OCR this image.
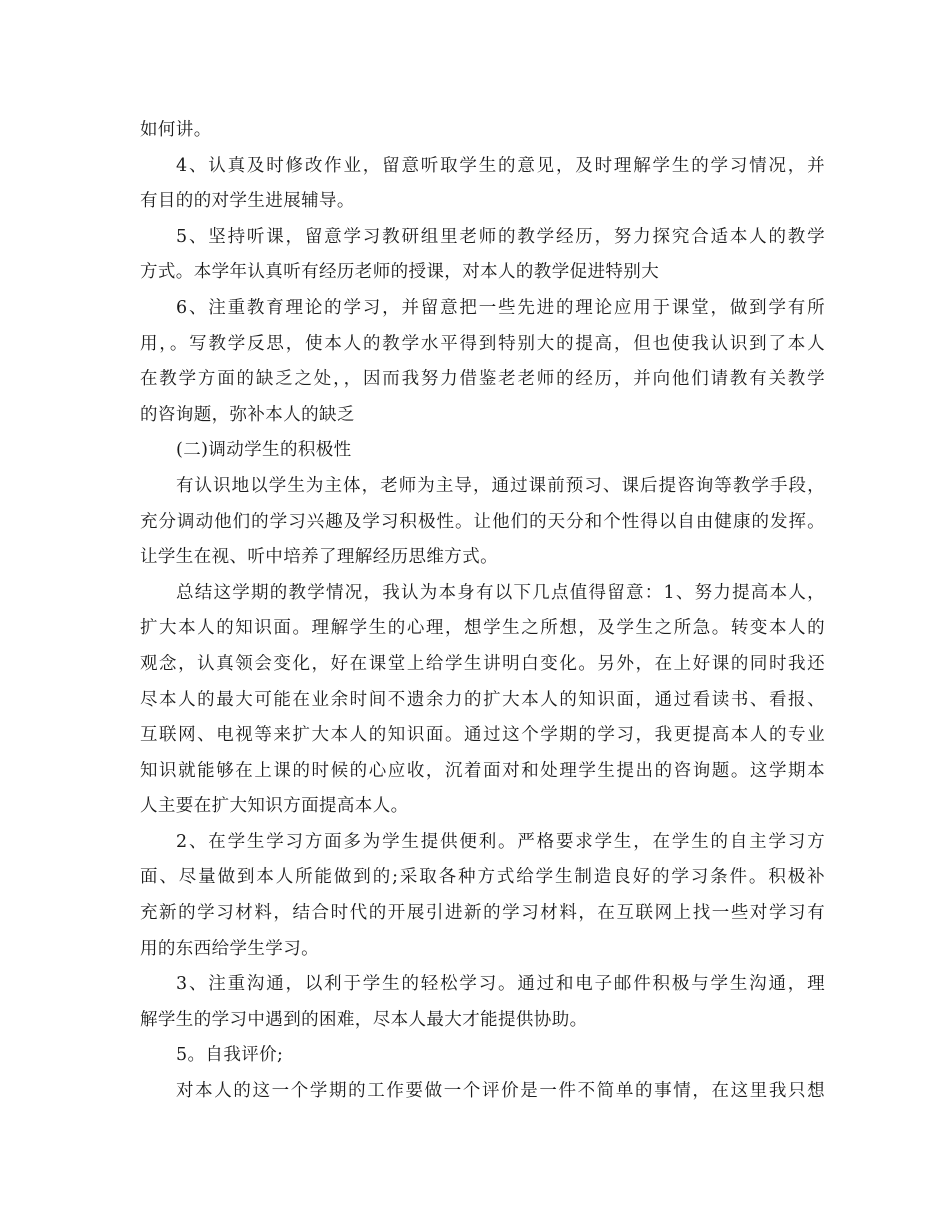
如何讲。
4、认真及时修改作业，留意听取学生的意见，及时理解学生的学习情况，并
有目的的对学生进展辅导。
5、坚持听课，留意学习教研组里老师的教学经历，努力探究合适本人的教学
方式。本学年认真听有经历老师的授课，对本人的教学促进特别大
6、注重教育理论的学习，并留意把一些先进的理论应用于课堂，做到学有所
用，。写教学反思，使本人的教学水平得到特别大的提高，但也使我认识到了本人
在教学方面的缺乏之处，，因而我努力借鉴老老师的经历，并向他们请教有关教学
的咨询题，弥补本人的缺乏
(二)调动学生的积极性
有认识地以学生为主体，老师为主导，通过课前预习、课后提咨询等教学手段，
充分调动他们的学习兴趣及学习积极性。让他们的天分和个性得以自由健康的发挥。
让学生在视、听中培养了理解经历思维方式。
总结这学期的教学情况，我认为本身有以下几点值得留意：1、努力提高本人，
扩大本人的知识面。理解学生的心理，想学生之所想，及学生之所急。转变本人的
观念，认真领会变化，好在课堂上给学生讲明白变化。另外，在上好课的同时我还
尽本人的最大可能在业余时间不遗余力的扩大本人的知识面，通过看读书、看报、
互联网、电视等来扩大本人的知识面。通过这个学期的学习，我更提高本人的专业
知识就能够在上课的时候的心应收，沉着面对和处理学生提出的咨询题。这学期本
人主要在扩大知识方面提高本人。
2、在学生学习方面多为学生提供便利。严格要求学生，在学生的自主学习方
面、尽量做到本人所能做到的;采取各种方式给学生制造良好的学习条件。积极补
充新的学习材料，结合时代的开展引进新的学习材料，在互联网上找一些对学习有
用的东西给学生学习。
3、注重沟通，以利于学生的轻松学习。通过和电子邮件积极与学生沟通，理
解学生的学习中遇到的困难，尽本人最大才能提供协助。
5。自我评价;
对本人的这一个学期的工作要做一个评价是一件不简单的事情，在这里我只想
